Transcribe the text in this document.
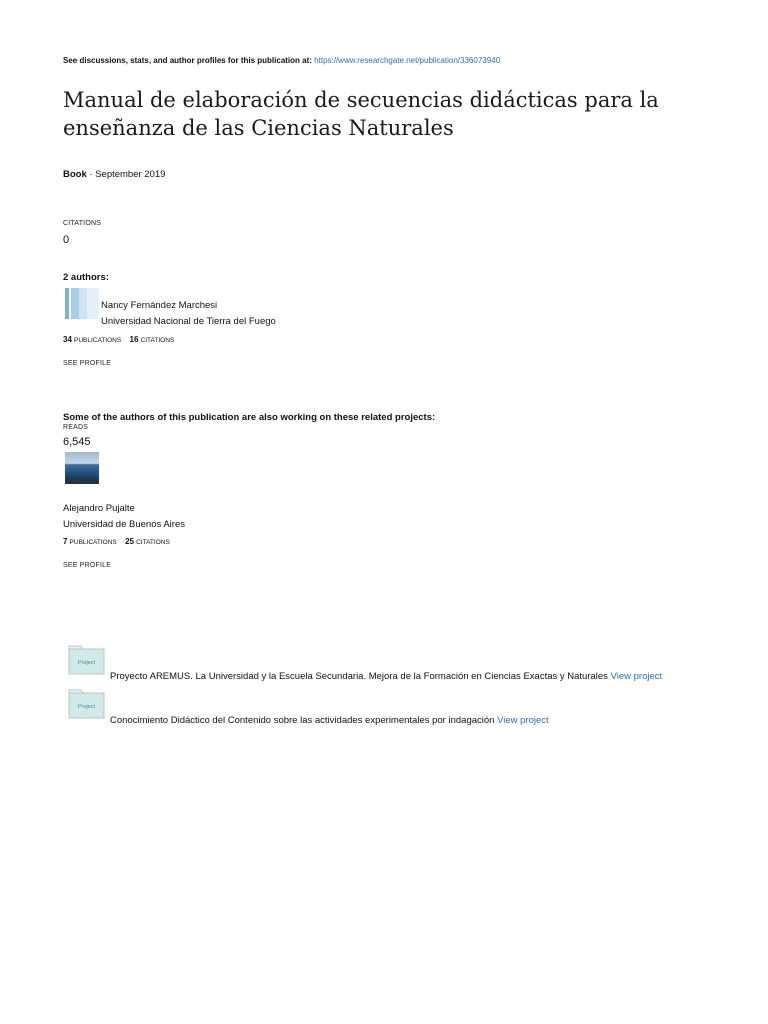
See discussions, stats, and author profiles for this publication at: https://www.researchgate.net/publication/336073940
Manual de elaboración de secuencias didácticas para la enseñanza de las Ciencias Naturales
Book · September 2019
CITATIONS
0
2 authors:
Nancy Fernández Marchesi
Universidad Nacional de Tierra del Fuego
34 PUBLICATIONS 16 CITATIONS
SEE PROFILE
Some of the authors of this publication are also working on these related projects:
READS
6,545
Alejandro Pujalte
Universidad de Buenos Aires
7 PUBLICATIONS 25 CITATIONS
SEE PROFILE
Project
Proyecto AREMUS. La Universidad y la Escuela Secundaria. Mejora de la Formación en Ciencias Exactas y Naturales View project
Project
Conocimiento Didáctico del Contenido sobre las actividades experimentales por indagación View project
